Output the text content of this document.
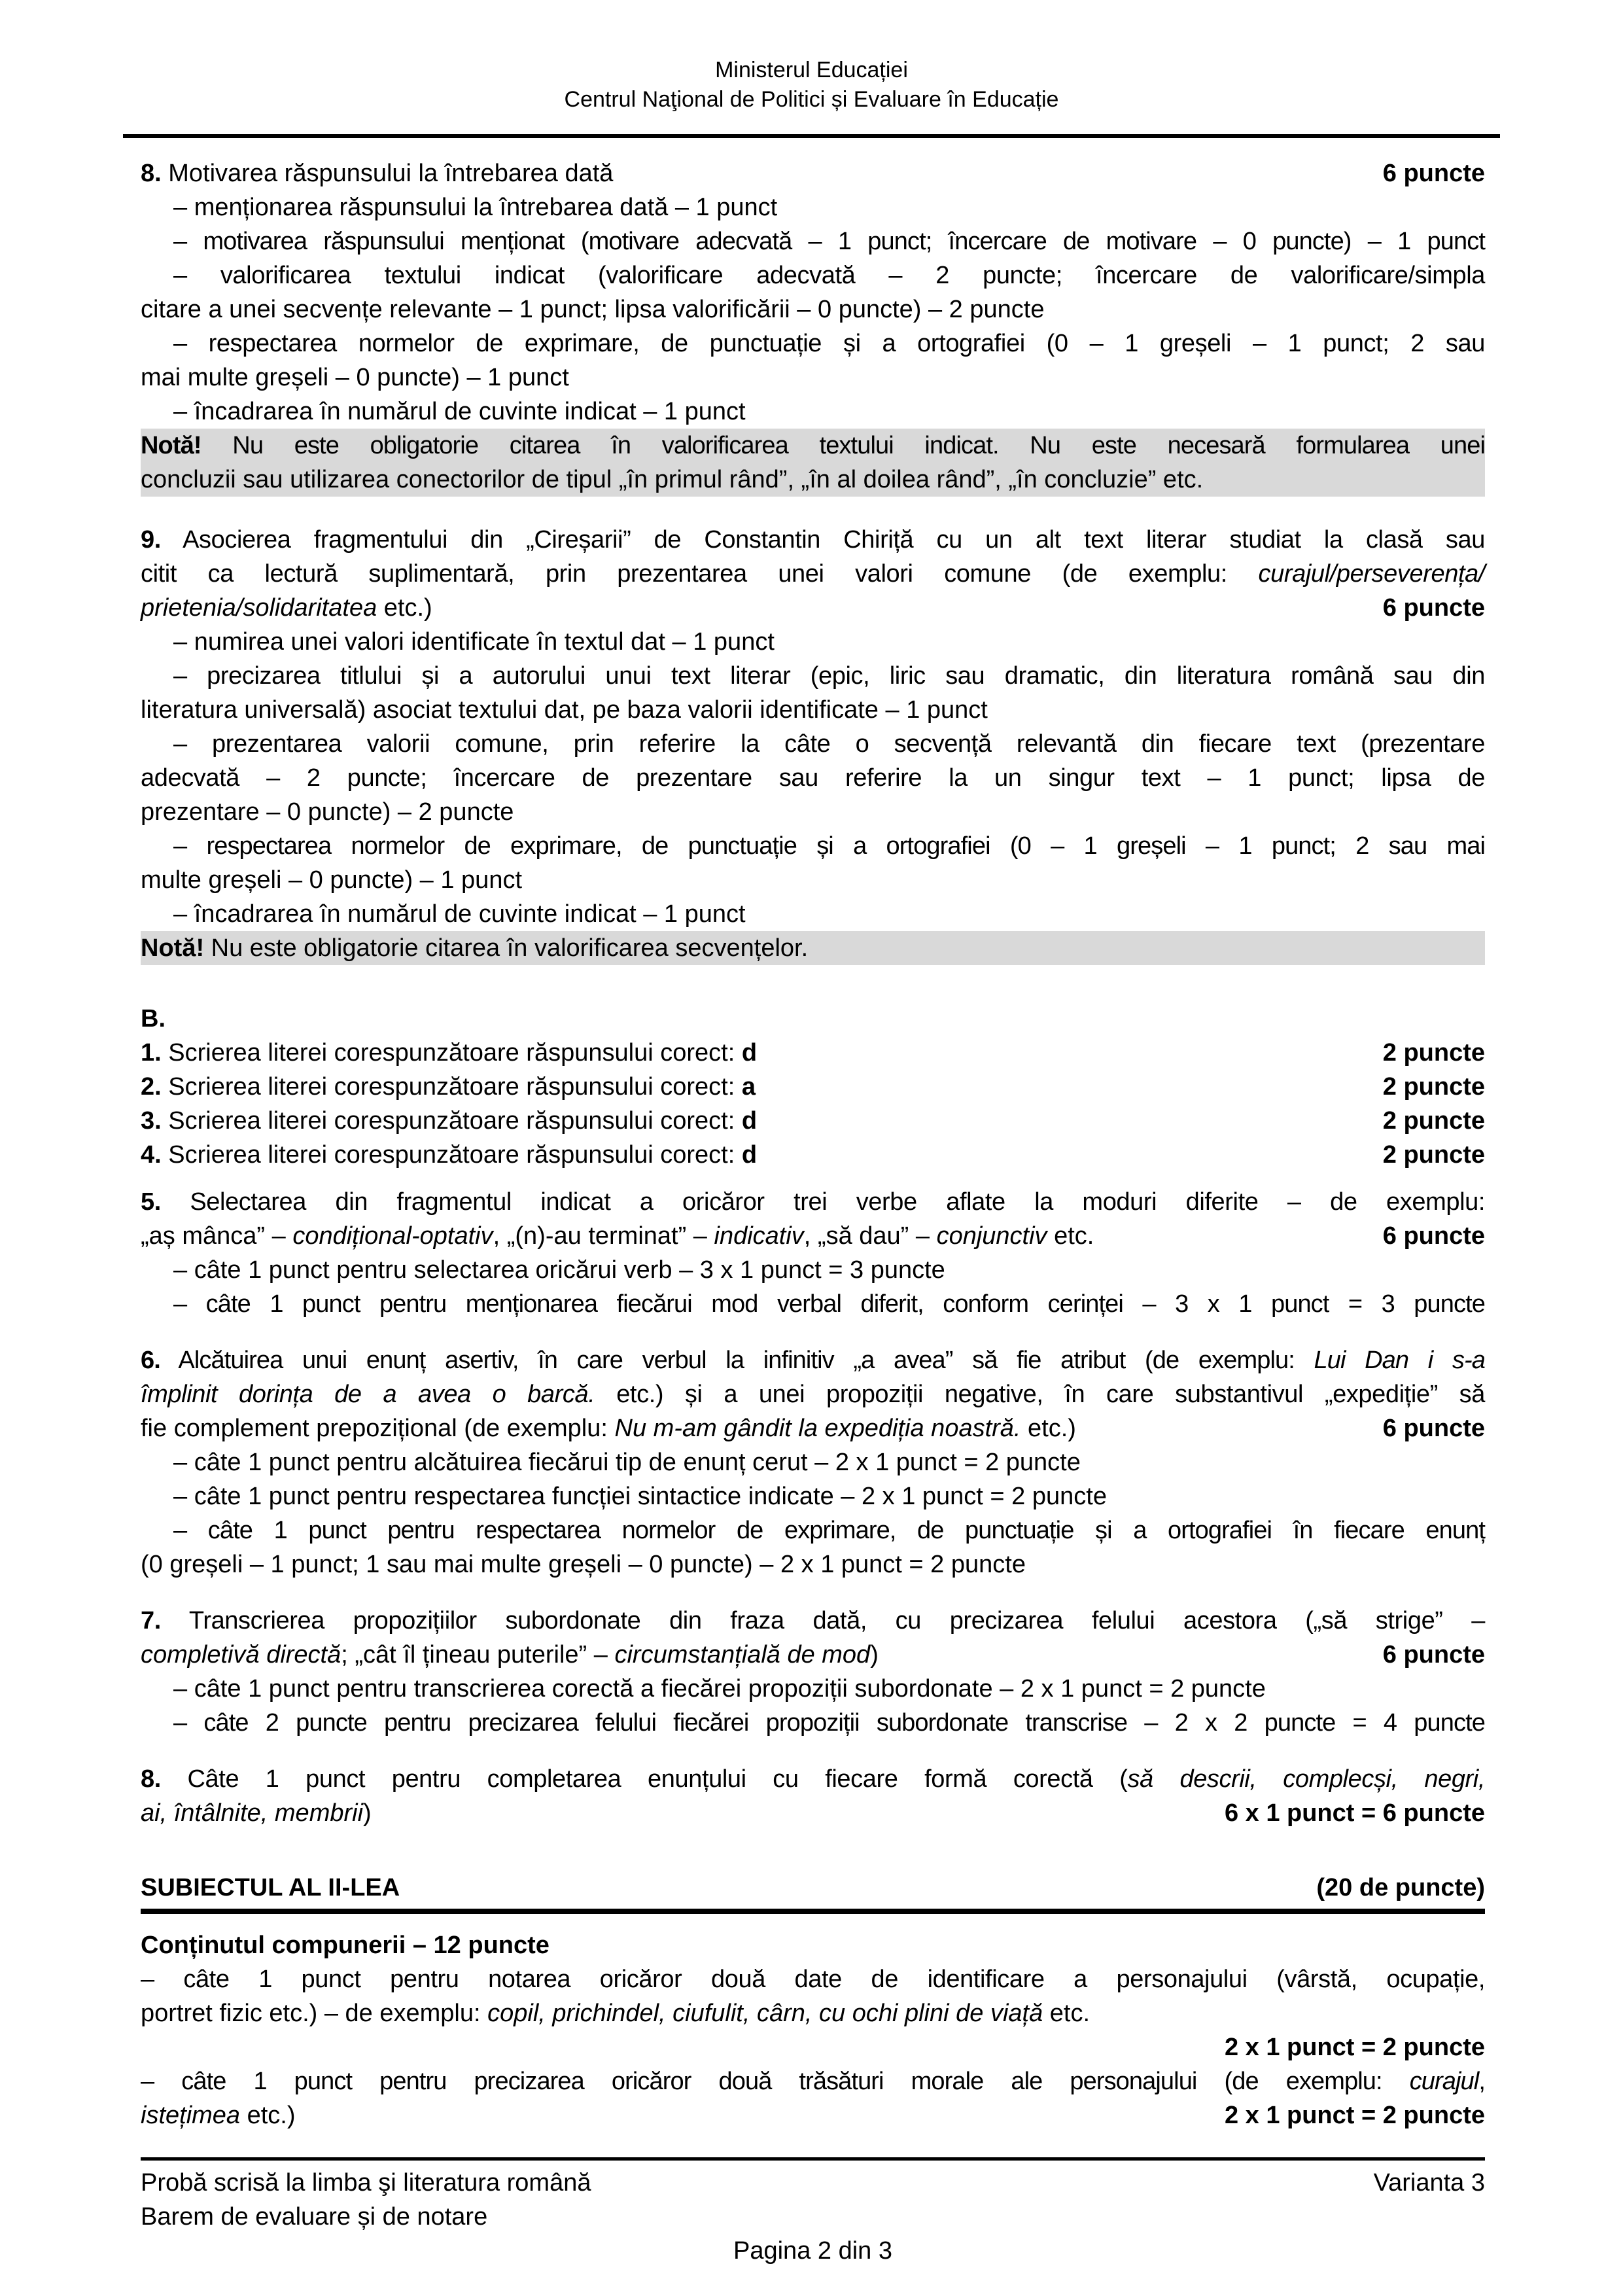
Ministerul Educației
Centrul Naţional de Politici și Evaluare în Educație
8. Motivarea răspunsului la întrebarea dată	6 puncte
– menționarea răspunsului la întrebarea dată – 1 punct
– motivarea răspunsului menționat (motivare adecvată – 1 punct; încercare de motivare – 0 puncte) – 1 punct
– valorificarea textului indicat (valorificare adecvată – 2 puncte; încercare de valorificare/simpla
citare a unei secvențe relevante – 1 punct; lipsa valorificării – 0 puncte) – 2 puncte
– respectarea normelor de exprimare, de punctuație și a ortografiei (0 – 1 greșeli – 1 punct; 2 sau
mai multe greșeli – 0 puncte) – 1 punct
– încadrarea în numărul de cuvinte indicat – 1 punct
Notă! Nu este obligatorie citarea în valorificarea textului indicat. Nu este necesară formularea unei
concluzii sau utilizarea conectorilor de tipul „în primul rând”, „în al doilea rând”, „în concluzie” etc.
9. Asocierea fragmentului din „Cireșarii” de Constantin Chiriță cu un alt text literar studiat la clasă sau
citit ca lectură suplimentară, prin prezentarea unei valori comune (de exemplu: curajul/perseverența/
prietenia/solidaritatea etc.)	6 puncte
– numirea unei valori identificate în textul dat – 1 punct
– precizarea titlului și a autorului unui text literar (epic, liric sau dramatic, din literatura română sau din
literatura universală) asociat textului dat, pe baza valorii identificate – 1 punct
– prezentarea valorii comune, prin referire la câte o secvență relevantă din fiecare text (prezentare
adecvată – 2 puncte; încercare de prezentare sau referire la un singur text – 1 punct; lipsa de
prezentare – 0 puncte) – 2 puncte
– respectarea normelor de exprimare, de punctuație și a ortografiei (0 – 1 greșeli – 1 punct; 2 sau mai
multe greșeli – 0 puncte) – 1 punct
– încadrarea în numărul de cuvinte indicat – 1 punct
Notă! Nu este obligatorie citarea în valorificarea secvențelor.
B.
1. Scrierea literei corespunzătoare răspunsului corect: d	2 puncte
2. Scrierea literei corespunzătoare răspunsului corect: a	2 puncte
3. Scrierea literei corespunzătoare răspunsului corect: d	2 puncte
4. Scrierea literei corespunzătoare răspunsului corect: d	2 puncte
5. Selectarea din fragmentul indicat a oricăror trei verbe aflate la moduri diferite – de exemplu:
„aș mânca” – condițional-optativ, „(n)-au terminat” – indicativ, „să dau” – conjunctiv etc.	6 puncte
– câte 1 punct pentru selectarea oricărui verb – 3 x 1 punct = 3 puncte
– câte 1 punct pentru menționarea fiecărui mod verbal diferit, conform cerinței – 3 x 1 punct = 3 puncte
6. Alcătuirea unui enunț asertiv, în care verbul la infinitiv „a avea” să fie atribut (de exemplu: Lui Dan i s-a
împlinit dorința de a avea o barcă. etc.) și a unei propoziții negative, în care substantivul „expediție” să
fie complement prepozițional (de exemplu: Nu m-am gândit la expediția noastră. etc.)	6 puncte
– câte 1 punct pentru alcătuirea fiecărui tip de enunț cerut – 2 x 1 punct = 2 puncte
– câte 1 punct pentru respectarea funcției sintactice indicate – 2 x 1 punct = 2 puncte
– câte 1 punct pentru respectarea normelor de exprimare, de punctuație și a ortografiei în fiecare enunț
(0 greșeli – 1 punct; 1 sau mai multe greșeli – 0 puncte) – 2 x 1 punct = 2 puncte
7. Transcrierea propozițiilor subordonate din fraza dată, cu precizarea felului acestora („să strige” –
completivă directă; „cât îl țineau puterile” – circumstanțială de mod)	6 puncte
– câte 1 punct pentru transcrierea corectă a fiecărei propoziții subordonate – 2 x 1 punct = 2 puncte
– câte 2 puncte pentru precizarea felului fiecărei propoziții subordonate transcrise – 2 x 2 puncte = 4 puncte
8. Câte 1 punct pentru completarea enunțului cu fiecare formă corectă (să descrii, complecși, negri,
ai, întâlnite, membrii)	6 x 1 punct = 6 puncte
SUBIECTUL AL II-LEA	(20 de puncte)
Conținutul compunerii – 12 puncte
– câte 1 punct pentru notarea oricăror două date de identificare a personajului (vârstă, ocupație,
portret fizic etc.) – de exemplu: copil, prichindel, ciufulit, cârn, cu ochi plini de viață etc.
2 x 1 punct = 2 puncte
– câte 1 punct pentru precizarea oricăror două trăsături morale ale personajului (de exemplu: curajul,
istețimea etc.)	2 x 1 punct = 2 puncte
Probă scrisă la limba şi literatura română	Varianta 3
Barem de evaluare și de notare
Pagina 2 din 3
